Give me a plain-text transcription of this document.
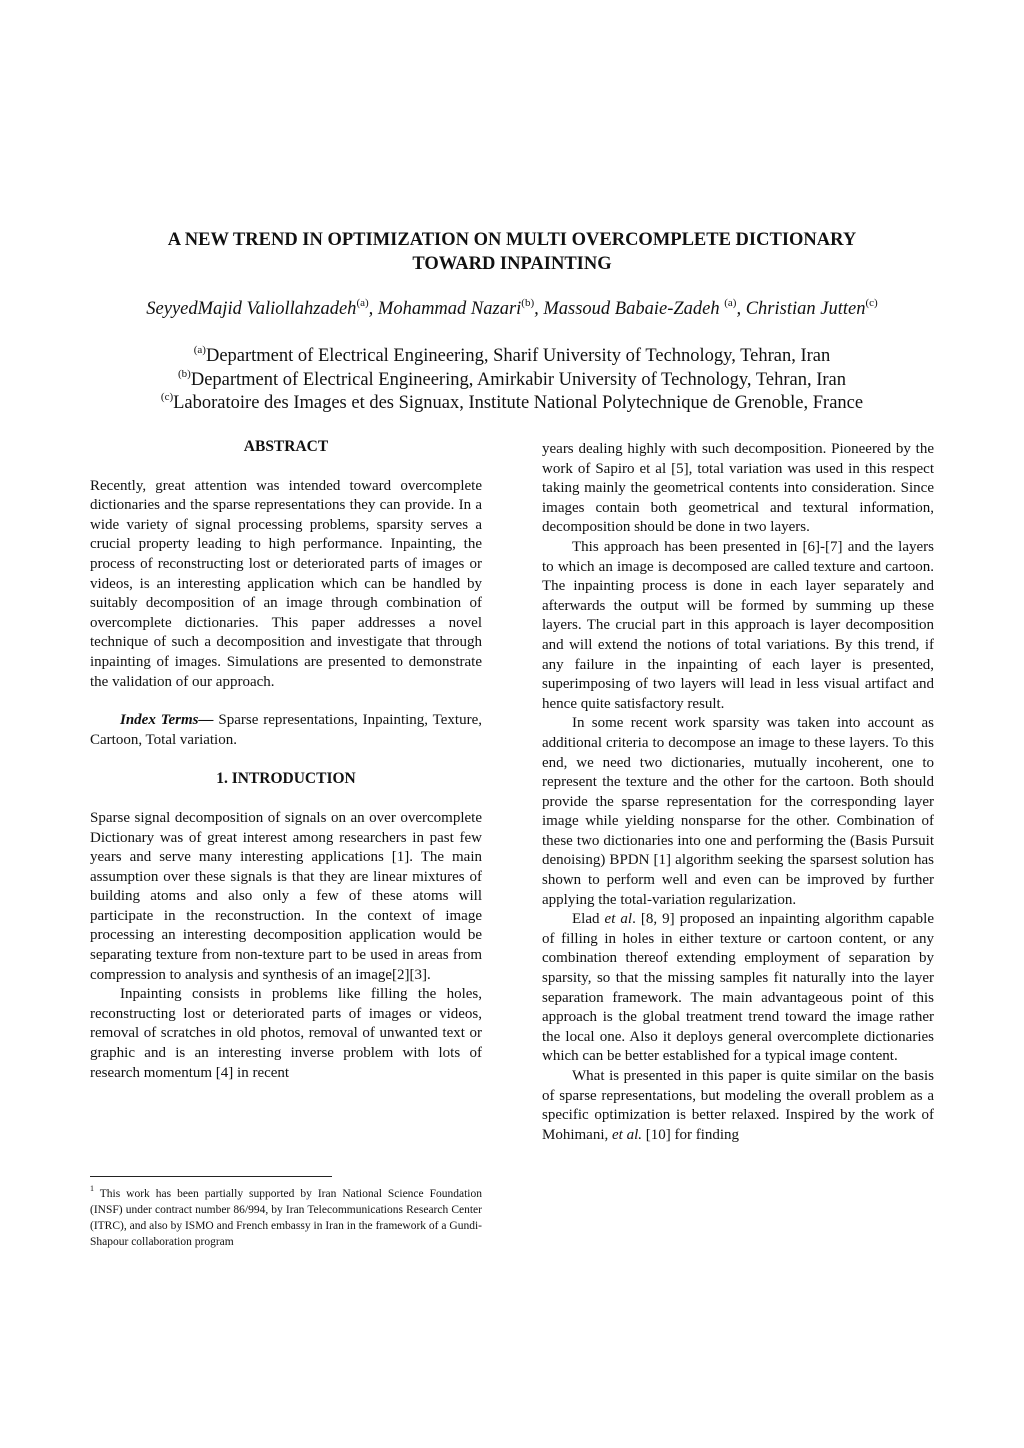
A NEW TREND IN OPTIMIZATION ON MULTI OVERCOMPLETE DICTIONARY
TOWARD INPAINTING
SeyyedMajid Valiollahzadeh$^{(a)}$, Mohammad Nazari$^{(b)}$, Massoud Babaie-Zadeh $^{(a)}$, Christian Jutten$^{(c)}$
$^{(a)}$Department of Electrical Engineering, Sharif University of Technology, Tehran, Iran
$^{(b)}$Department of Electrical Engineering, Amirkabir University of Technology, Tehran, Iran
$^{(c)}$Laboratoire des Images et des Signuax, Institute National Polytechnique de Grenoble, France

ABSTRACT

Recently, great attention was intended toward overcomplete dictionaries and the sparse representations they can provide. In a wide variety of signal processing problems, sparsity serves a crucial property leading to high performance. Inpainting, the process of reconstructing lost or deteriorated parts of images or videos, is an interesting application which can be handled by suitably decomposition of an image through combination of overcomplete dictionaries. This paper addresses a novel technique of such a decomposition and investigate that through inpainting of images. Simulations are presented to demonstrate the validation of our approach.

Index Terms— Sparse representations, Inpainting, Texture, Cartoon, Total variation.

1. INTRODUCTION

Sparse signal decomposition of signals on an over overcomplete Dictionary was of great interest among researchers in past few years and serve many interesting applications [1]. The main assumption over these signals is that they are linear mixtures of building atoms and also only a few of these atoms will participate in the reconstruction. In the context of image processing an interesting decomposition application would be separating texture from non-texture part to be used in areas from compression to analysis and synthesis of an image[2][3].

Inpainting consists in problems like filling the holes, reconstructing lost or deteriorated parts of images or videos, removal of scratches in old photos, removal of unwanted text or graphic and is an interesting inverse problem with lots of research momentum [4] in recent

$^1$ This work has been partially supported by Iran National Science Foundation (INSF) under contract number 86/994, by Iran Telecommunications Research Center (ITRC), and also by ISMO and French embassy in Iran in the framework of a Gundi-Shapour collaboration program

years dealing highly with such decomposition. Pioneered by the work of Sapiro et al [5], total variation was used in this respect taking mainly the geometrical contents into consideration. Since images contain both geometrical and textural information, decomposition should be done in two layers.

This approach has been presented in [6]-[7] and the layers to which an image is decomposed are called texture and cartoon. The inpainting process is done in each layer separately and afterwards the output will be formed by summing up these layers. The crucial part in this approach is layer decomposition and will extend the notions of total variations. By this trend, if any failure in the inpainting of each layer is presented, superimposing of two layers will lead in less visual artifact and hence quite satisfactory result.

In some recent work sparsity was taken into account as additional criteria to decompose an image to these layers. To this end, we need two dictionaries, mutually incoherent, one to represent the texture and the other for the cartoon. Both should provide the sparse representation for the corresponding layer image while yielding nonsparse for the other. Combination of these two dictionaries into one and performing the (Basis Pursuit denoising) BPDN [1] algorithm seeking the sparsest solution has shown to perform well and even can be improved by further applying the total-variation regularization.

Elad et al. [8, 9] proposed an inpainting algorithm capable of filling in holes in either texture or cartoon content, or any combination thereof extending employment of separation by sparsity, so that the missing samples fit naturally into the layer separation framework. The main advantageous point of this approach is the global treatment trend toward the image rather the local one. Also it deploys general overcomplete dictionaries which can be better established for a typical image content.

What is presented in this paper is quite similar on the basis of sparse representations, but modeling the overall problem as a specific optimization is better relaxed. Inspired by the work of Mohimani, et al. [10] for finding
